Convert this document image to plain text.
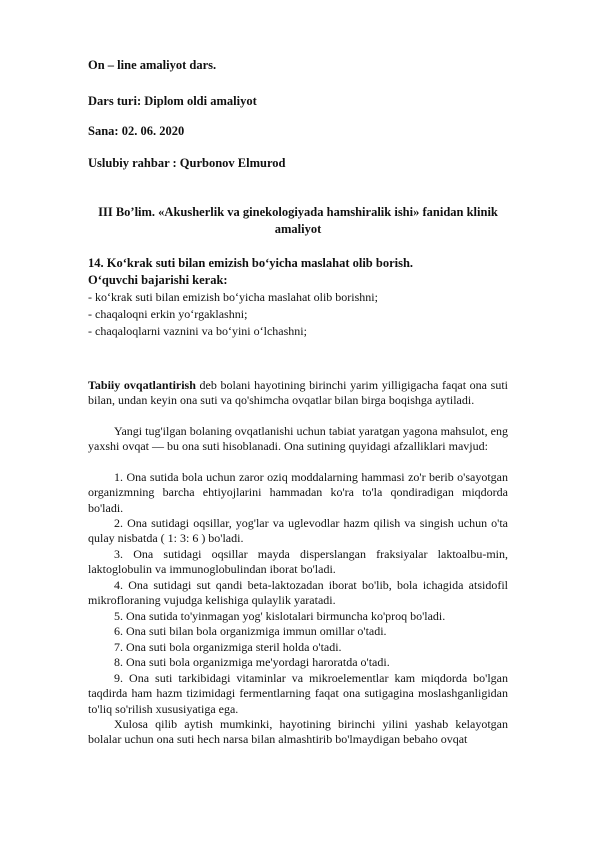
On – line amaliyot dars.
Dars turi: Diplom oldi amaliyot
Sana: 02. 06. 2020
Uslubiy rahbar : Qurbonov Elmurod
III Bo’lim. «Akusherlik va ginekologiyada hamshiralik ishi» fanidan klinik
amaliyot
14. Ko‘krak suti bilan emizish bo‘yicha maslahat olib borish.
O‘quvchi bajarishi kerak:
- ko‘krak suti bilan emizish bo‘yicha maslahat olib borishni;
- chaqaloqni erkin yo‘rgaklashni;
- chaqaloqlarni vaznini va bo‘yini o‘lchashni;
Tabiiy ovqatlantirish deb bolani hayotining birinchi yarim yilligigacha faqat ona suti bilan, undan keyin ona suti va qo'shimcha ovqatlar bilan birga boqishga aytiladi.
Yangi tug'ilgan bolaning ovqatlanishi uchun tabiat yaratgan yagona mahsulot, eng yaxshi ovqat — bu ona suti hisoblanadi. Ona sutining quyidagi afzalliklari mavjud:
1. Ona sutida bola uchun zaror oziq moddalarning hammasi zo'r berib o'sayotgan organizmning barcha ehtiyojlarini hammadan ko'ra to'la qondiradigan miqdorda bo'ladi.
2. Ona sutidagi oqsillar, yog'lar va uglevodlar hazm qilish va singish uchun o'ta qulay nisbatda ( 1: 3: 6 ) bo'ladi.
3. Ona sutidagi oqsillar mayda disperslangan fraksiyalar laktoalbu-min, laktoglobulin va immunoglobulindan iborat bo'ladi.
4. Ona sutidagi sut qandi beta-laktozadan iborat bo'lib, bola ichagida atsidofil mikrofloraning vujudga kelishiga qulaylik yaratadi.
5. Ona sutida to'yinmagan yog' kislotalari birmuncha ko'proq bo'ladi.
6. Ona suti bilan bola organizmiga immun omillar o'tadi.
7. Ona suti bola organizmiga steril holda o'tadi.
8. Ona suti bola organizmiga me'yordagi haroratda o'tadi.
9. Ona suti tarkibidagi vitaminlar va mikroelementlar kam miqdorda bo'lgan taqdirda ham hazm tizimidagi fermentlarning faqat ona sutigagina moslashganligidan to'liq so'rilish xususiyatiga ega.
Xulosa qilib aytish mumkinki, hayotining birinchi yilini yashab kelayotgan bolalar uchun ona suti hech narsa bilan almashtirib bo'lmaydigan bebaho ovqat
